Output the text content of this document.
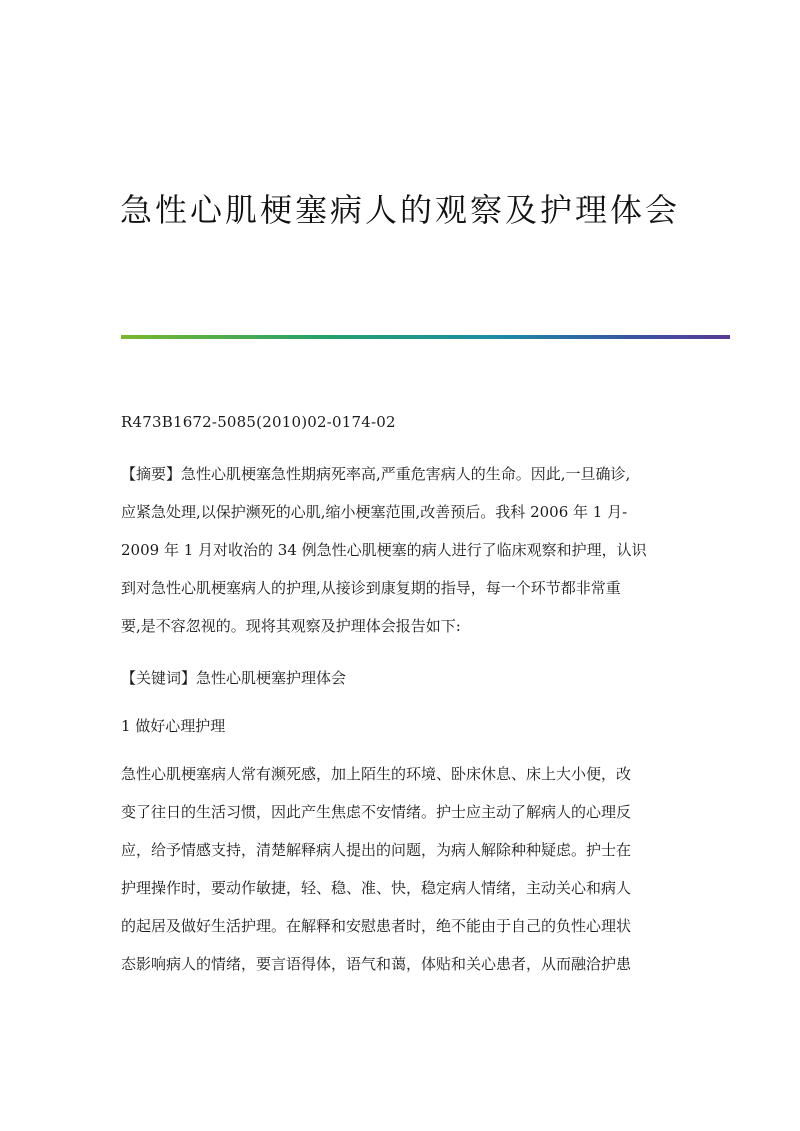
急性心肌梗塞病人的观察及护理体会
R473B1672-5085(2010)02-0174-02
【摘要】急性心肌梗塞急性期病死率高,严重危害病人的生命。因此,一旦确诊,
应紧急处理,以保护濒死的心肌,缩小梗塞范围,改善预后。我科 2006 年 1 月-
2009 年 1 月对收治的 34 例急性心肌梗塞的病人进行了临床观察和护理，认识
到对急性心肌梗塞病人的护理,从接诊到康复期的指导，每一个环节都非常重
要,是不容忽视的。现将其观察及护理体会报告如下:
【关键词】急性心肌梗塞护理体会
1 做好心理护理
急性心肌梗塞病人常有濒死感，加上陌生的环境、卧床休息、床上大小便，改
变了往日的生活习惯，因此产生焦虑不安情绪。护士应主动了解病人的心理反
应，给予情感支持，清楚解释病人提出的问题，为病人解除种种疑虑。护士在
护理操作时，要动作敏捷，轻、稳、准、快，稳定病人情绪，主动关心和病人
的起居及做好生活护理。在解释和安慰患者时，绝不能由于自己的负性心理状
态影响病人的情绪，要言语得体，语气和蔼，体贴和关心患者，从而融洽护患
